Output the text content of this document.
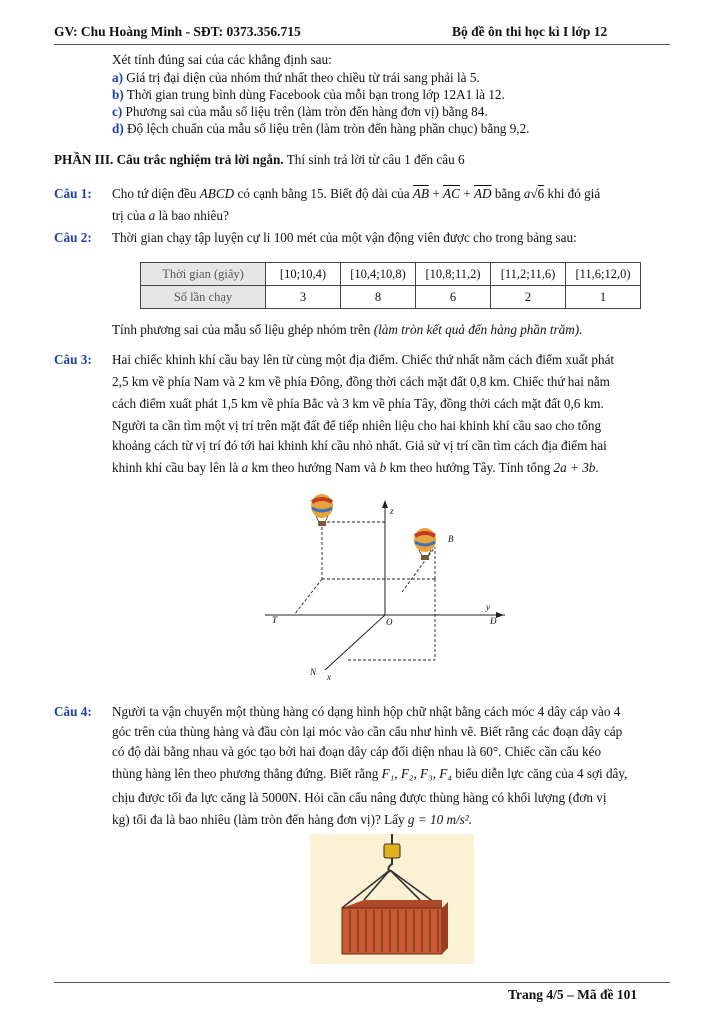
GV: Chu Hoàng Minh - SĐT: 0373.356.715	Bộ đề ôn thi học kì I lớp 12
Xét tính đúng sai của các khẳng định sau:
a) Giá trị đại diện của nhóm thứ nhất theo chiều từ trái sang phải là 5.
b) Thời gian trung bình dùng Facebook của mỗi bạn trong lớp 12A1 là 12.
c) Phương sai của mẫu số liệu trên (làm tròn đến hàng đơn vị) bằng 84.
d) Độ lệch chuẩn của mẫu số liệu trên (làm tròn đến hàng phần chục) bằng 9,2.
PHẦN III. Câu trắc nghiệm trả lời ngắn. Thí sinh trả lời từ câu 1 đến câu 6
Câu 1: Cho tứ diện đều ABCD có cạnh bằng 15. Biết độ dài của $\overline{AB} + \overline{AC} + \overline{AD}$ bằng a√6 khi đó giá
trị của a là bao nhiêu?
Câu 2: Thời gian chạy tập luyện cự li 100 mét của một vận động viên được cho trong bảng sau:
Thời gian (giây)	[10;10,4)	[10,4;10,8)	[10,8;11,2)	[11,2;11,6)	[11,6;12,0)
Số lần chạy	3	8	6	2	1
Tính phương sai của mẫu số liệu ghép nhóm trên (làm tròn kết quả đến hàng phần trăm).
Câu 3: Hai chiếc khinh khí cầu bay lên từ cùng một địa điểm. Chiếc thứ nhất nằm cách điểm xuất phát
2,5 km về phía Nam và 2 km về phía Đông, đồng thời cách mặt đất 0,8 km. Chiếc thứ hai nằm
cách điểm xuất phát 1,5 km về phía Bắc và 3 km về phía Tây, đồng thời cách mặt đất 0,6 km.
Người ta cần tìm một vị trí trên mặt đất để tiếp nhiên liệu cho hai khinh khí cầu sao cho tổng
khoảng cách từ vị trí đó tới hai khinh khí cầu nhỏ nhất. Giả sử vị trí cần tìm cách địa điểm hai
khinh khí cầu bay lên là a km theo hướng Nam và b km theo hướng Tây. Tính tổng 2a + 3b.
z
B
T	O
y
Đ
N x
Câu 4: Người ta vận chuyển một thùng hàng có dạng hình hộp chữ nhật bằng cách móc 4 dây cáp vào 4
góc trên của thùng hàng và đầu còn lại móc vào cần cẩu như hình vẽ. Biết rằng các đoạn dây cáp
có độ dài bằng nhau và góc tạo bởi hai đoạn dây cáp đối diện nhau là 60°. Chiếc cần cẩu kéo
thùng hàng lên theo phương thẳng đứng. Biết rằng F₁, F₂, F₃, F₄ biểu diễn lực căng của 4 sợi dây,
chịu được tối đa lực căng là 5000N. Hỏi cần cẩu nâng được thùng hàng có khối lượng (đơn vị
kg) tối đa là bao nhiêu (làm tròn đến hàng đơn vị)? Lấy g = 10 m/s².
Trang 4/5 – Mã đề 101
